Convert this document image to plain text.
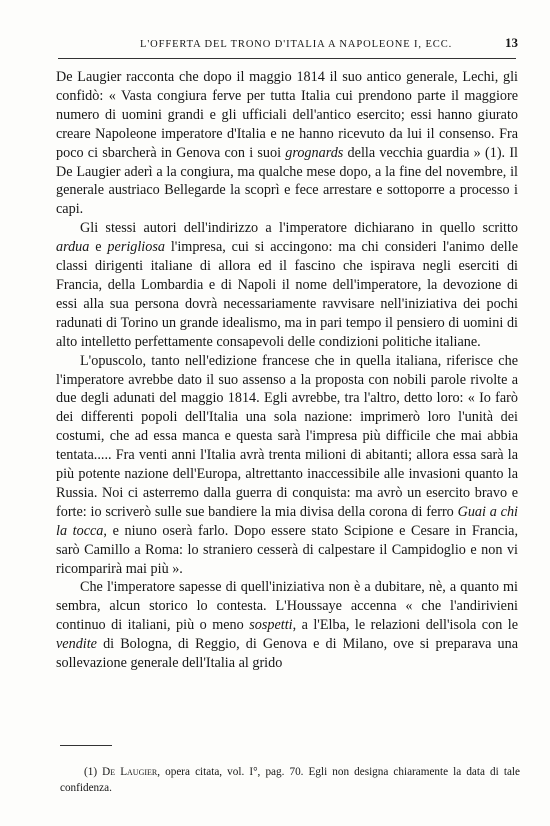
L'OFFERTA DEL TRONO D'ITALIA A NAPOLEONE I, ECC.	13

De Laugier racconta che dopo il maggio 1814 il suo antico generale, Lechi, gli confidò: « Vasta congiura ferve per tutta Italia cui prendono parte il maggiore numero di uomini grandi e gli ufficiali dell'antico esercito; essi hanno giurato creare Napoleone imperatore d'Italia e ne hanno ricevuto da lui il consenso. Fra poco ci sbarcherà in Genova con i suoi grognards della vecchia guardia » (1). Il De Laugier aderì a la congiura, ma qualche mese dopo, a la fine del novembre, il generale austriaco Bellegarde la scoprì e fece arrestare e sottoporre a processo i capi.

Gli stessi autori dell'indirizzo a l'imperatore dichiarano in quello scritto ardua e perigliosa l'impresa, cui si accingono: ma chi consideri l'animo delle classi dirigenti italiane di allora ed il fascino che ispirava negli eserciti di Francia, della Lombardia e di Napoli il nome dell'imperatore, la devozione di essi alla sua persona dovrà necessariamente ravvisare nell'iniziativa dei pochi radunati di Torino un grande idealismo, ma in pari tempo il pensiero di uomini di alto intelletto perfettamente consapevoli delle condizioni politiche italiane.

L'opuscolo, tanto nell'edizione francese che in quella italiana, riferisce che l'imperatore avrebbe dato il suo assenso a la proposta con nobili parole rivolte a due degli adunati del maggio 1814. Egli avrebbe, tra l'altro, detto loro: « Io farò dei differenti popoli dell'Italia una sola nazione: imprimerò loro l'unità dei costumi, che ad essa manca e questa sarà l'impresa più difficile che mai abbia tentata..... Fra venti anni l'Italia avrà trenta milioni di abitanti; allora essa sarà la più potente nazione dell'Europa, altrettanto inaccessibile alle invasioni quanto la Russia. Noi ci asterremo dalla guerra di conquista: ma avrò un esercito bravo e forte: io scriverò sulle sue bandiere la mia divisa della corona di ferro Guai a chi la tocca, e niuno oserà farlo. Dopo essere stato Scipione e Cesare in Francia, sarò Camillo a Roma: lo straniero cesserà di calpestare il Campidoglio e non vi ricomparirà mai più ».

Che l'imperatore sapesse di quell'iniziativa non è a dubitare, nè, a quanto mi sembra, alcun storico lo contesta. L'Houssaye accenna « che l'andirivieni continuo di italiani, più o meno sospetti, a l'Elba, le relazioni dell'isola con le vendite di Bologna, di Reggio, di Genova e di Milano, ove si preparava una sollevazione generale dell'Italia al grido

(1) De Laugier, opera citata, vol. I°, pag. 70. Egli non designa chiaramente la data di tale confidenza.
